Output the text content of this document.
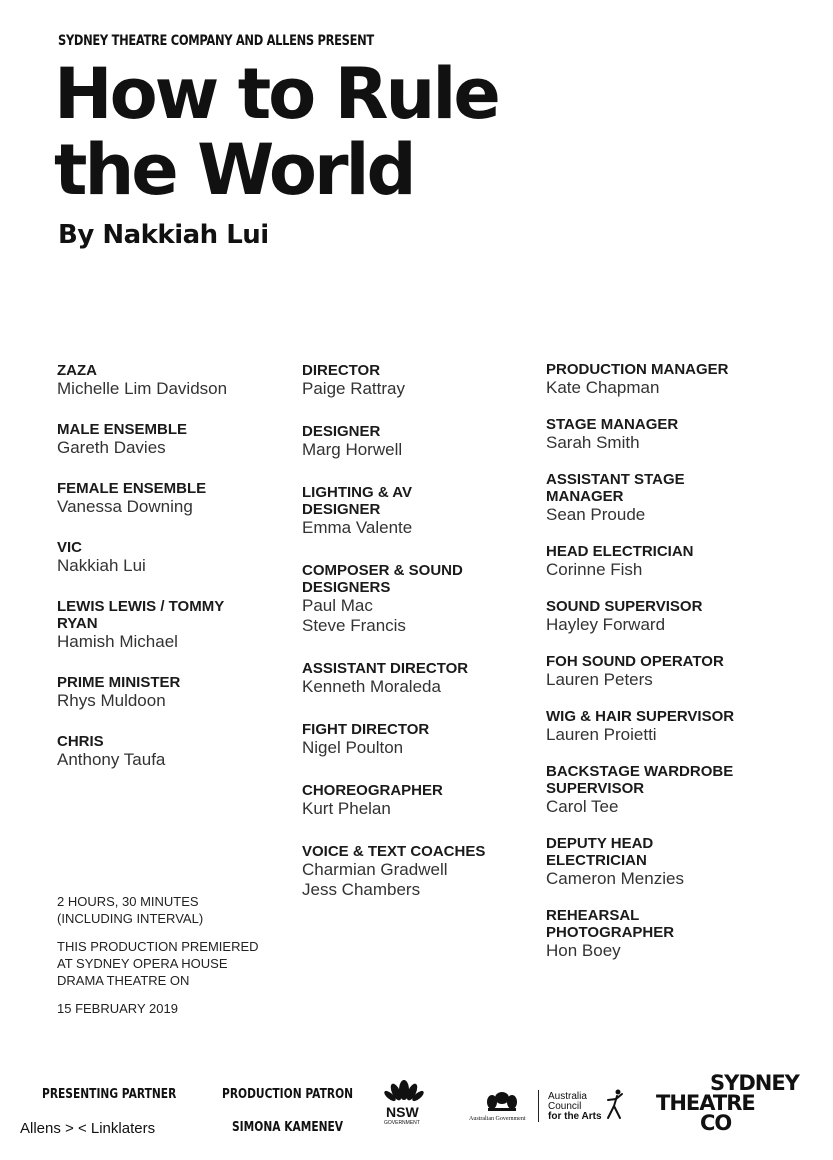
SYDNEY THEATRE COMPANY AND ALLENS PRESENT
How to Rule
the World
By Nakkiah Lui
ZAZA
Michelle Lim Davidson
MALE ENSEMBLE
Gareth Davies
FEMALE ENSEMBLE
Vanessa Downing
VIC
Nakkiah Lui
LEWIS LEWIS / TOMMY RYAN
Hamish Michael
PRIME MINISTER
Rhys Muldoon
CHRIS
Anthony Taufa
DIRECTOR
Paige Rattray
DESIGNER
Marg Horwell
LIGHTING & AV DESIGNER
Emma Valente
COMPOSER & SOUND DESIGNERS
Paul Mac
Steve Francis
ASSISTANT DIRECTOR
Kenneth Moraleda
FIGHT DIRECTOR
Nigel Poulton
CHOREOGRAPHER
Kurt Phelan
VOICE & TEXT COACHES
Charmian Gradwell
Jess Chambers
PRODUCTION MANAGER
Kate Chapman
STAGE MANAGER
Sarah Smith
ASSISTANT STAGE MANAGER
Sean Proude
HEAD ELECTRICIAN
Corinne Fish
SOUND SUPERVISOR
Hayley Forward
FOH SOUND OPERATOR
Lauren Peters
WIG & HAIR SUPERVISOR
Lauren Proietti
BACKSTAGE WARDROBE SUPERVISOR
Carol Tee
DEPUTY HEAD ELECTRICIAN
Cameron Menzies
REHEARSAL PHOTOGRAPHER
Hon Boey

2 HOURS, 30 MINUTES
(INCLUDING INTERVAL)

THIS PRODUCTION PREMIERED
AT SYDNEY OPERA HOUSE
DRAMA THEATRE ON

15 FEBRUARY 2019

PRESENTING PARTNER
Allens > < Linklaters
PRODUCTION PATRON
SIMONA KAMENEV
NSW
GOVERNMENT
Australian Government
Australia
Council
for the Arts
SYDNEY
THEATRE
CO
